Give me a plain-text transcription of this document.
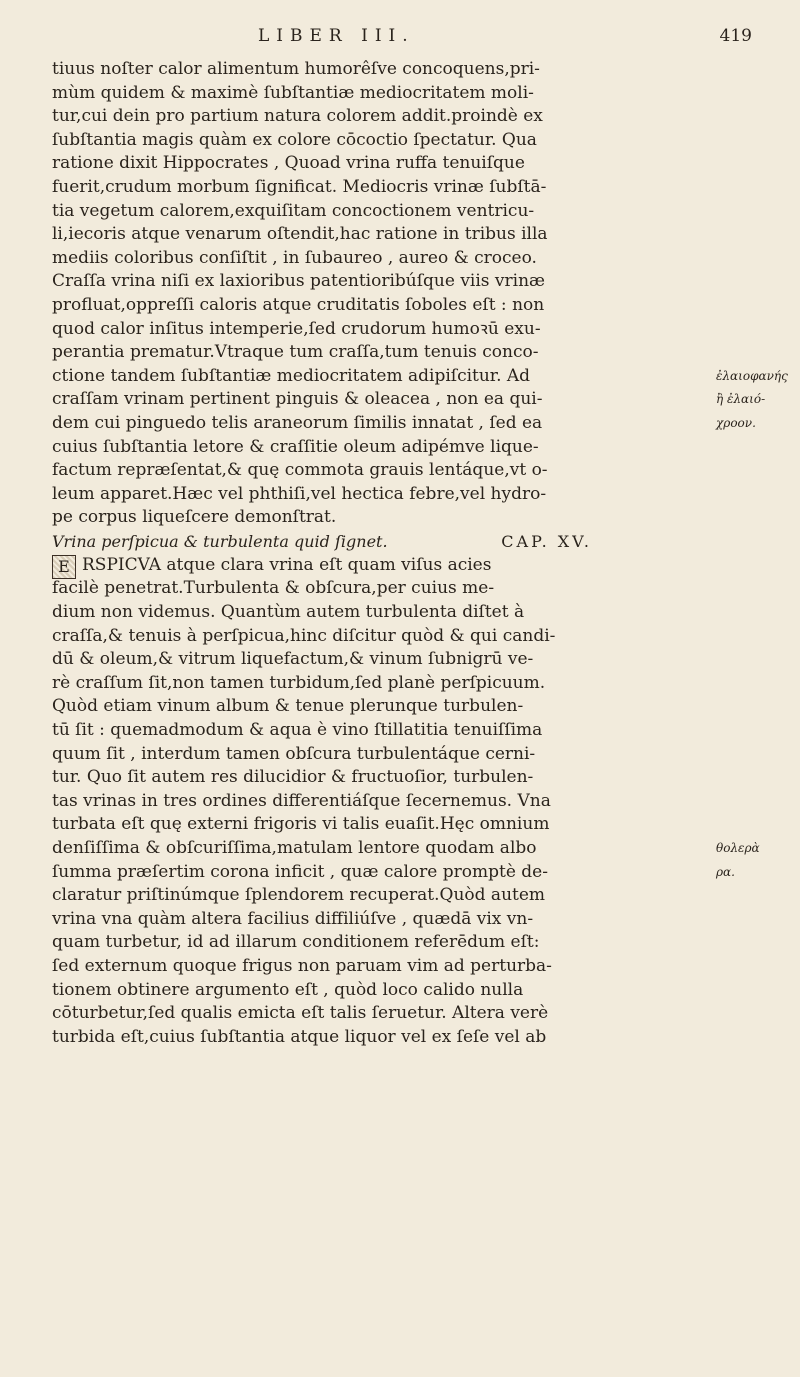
LIBER III.	419
tiuus noſter calor alimentum humorêſve concoquens,pri-
mùm quidem & maximè ſubſtantiæ mediocritatem moli-
tur,cui dein pro partium natura colorem addit.proindè ex
ſubſtantia magis quàm ex colore cōcoctio ſpectatur. Qua
ratione dixit Hippocrates , Quoad vrina ruffa tenuiſque
fuerit,crudum morbum ſignificat. Mediocris vrinæ ſubſtā-
tia vegetum calorem,exquiſitam concoctionem ventricu-
li,iecoris atque venarum oſtendit,hac ratione in tribus illa
mediis coloribus conſiſtit , in ſubaureo , aureo & croceo.
Craſſa vrina niſi ex laxioribus patentioribúſque viis vrinæ
profluat,oppreſſi caloris atque cruditatis ſoboles eſt : non
quod calor inſitus intemperie,ſed crudorum humoꝛū exu-
perantia prematur.Vtraque tum craſſa,tum tenuis conco-
ctione tandem ſubſtantiæ mediocritatem adipiſcitur. Ad
craſſam vrinam pertinent pinguis & oleacea , non ea qui-
dem cui pinguedo telis araneorum ſimilis innatat , ſed ea
cuius ſubſtantia letore & craſſitie oleum adipémve lique-
factum repræſentat,& quę commota grauis lentáque,vt o-
leum apparet.Hæc vel phthiſi,vel hectica febre,vel hydro-
pe corpus liqueſcere demonſtrat.
Vrina perſpicua & turbulenta quid ſignet.	CAP. XV.
E RSPICVA atque clara vrina eſt quam viſus acies
facilè penetrat.Turbulenta & obſcura,per cuius me-
dium non videmus. Quantùm autem turbulenta diſtet à
craſſa,& tenuis à perſpicua,hinc diſcitur quòd & qui candi-
dū & oleum,& vitrum liquefactum,& vinum ſubnigrū ve-
rè craſſum ſit,non tamen turbidum,ſed planè perſpicuum.
Quòd etiam vinum album & tenue plerunque turbulen-
tū ſit : quemadmodum & aqua è vino ſtillatitia tenuiſſima
quum ſit , interdum tamen obſcura turbulentáque cerni-
tur. Quo ſit autem res dilucidior & fructuoſior, turbulen-
tas vrinas in tres ordines differentiáſque ſecernemus. Vna
turbata eſt quę externi frigoris vi talis euaſit.Hęc omnium
denſiſſima & obſcuriſſima,matulam lentore quodam albo
ſumma præſertim corona inficit , quæ calore promptè de-
claratur priſtinúmque ſplendorem recuperat.Quòd autem
vrina vna quàm altera facilius diffiliúſve , quædā vix vn-
quam turbetur, id ad illarum conditionem referēdum eſt:
ſed externum quoque frigus non paruam vim ad perturba-
tionem obtinere argumento eſt , quòd loco calido nulla
cōturbetur,ſed qualis emicta eſt talis ſeruetur. Altera verè
turbida eſt,cuius ſubſtantia atque liquor vel ex ſeſe vel ab
ἐλαιοφανής
ἢ ἐλαιό-
χροον.
θολερὰ
ρα.
